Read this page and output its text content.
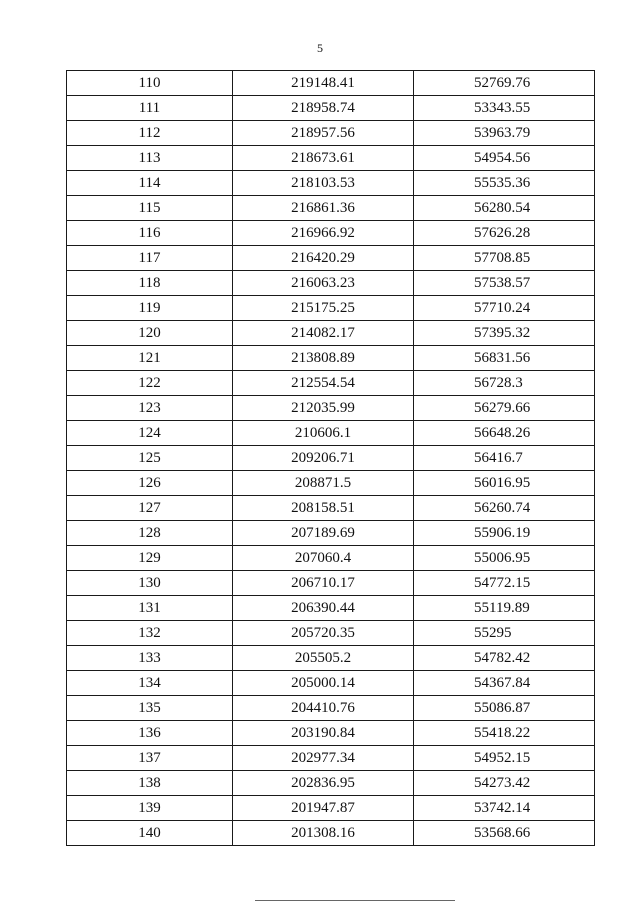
5
110	219148.41	52769.76
111	218958.74	53343.55
112	218957.56	53963.79
113	218673.61	54954.56
114	218103.53	55535.36
115	216861.36	56280.54
116	216966.92	57626.28
117	216420.29	57708.85
118	216063.23	57538.57
119	215175.25	57710.24
120	214082.17	57395.32
121	213808.89	56831.56
122	212554.54	56728.3
123	212035.99	56279.66
124	210606.1	56648.26
125	209206.71	56416.7
126	208871.5	56016.95
127	208158.51	56260.74
128	207189.69	55906.19
129	207060.4	55006.95
130	206710.17	54772.15
131	206390.44	55119.89
132	205720.35	55295
133	205505.2	54782.42
134	205000.14	54367.84
135	204410.76	55086.87
136	203190.84	55418.22
137	202977.34	54952.15
138	202836.95	54273.42
139	201947.87	53742.14
140	201308.16	53568.66
